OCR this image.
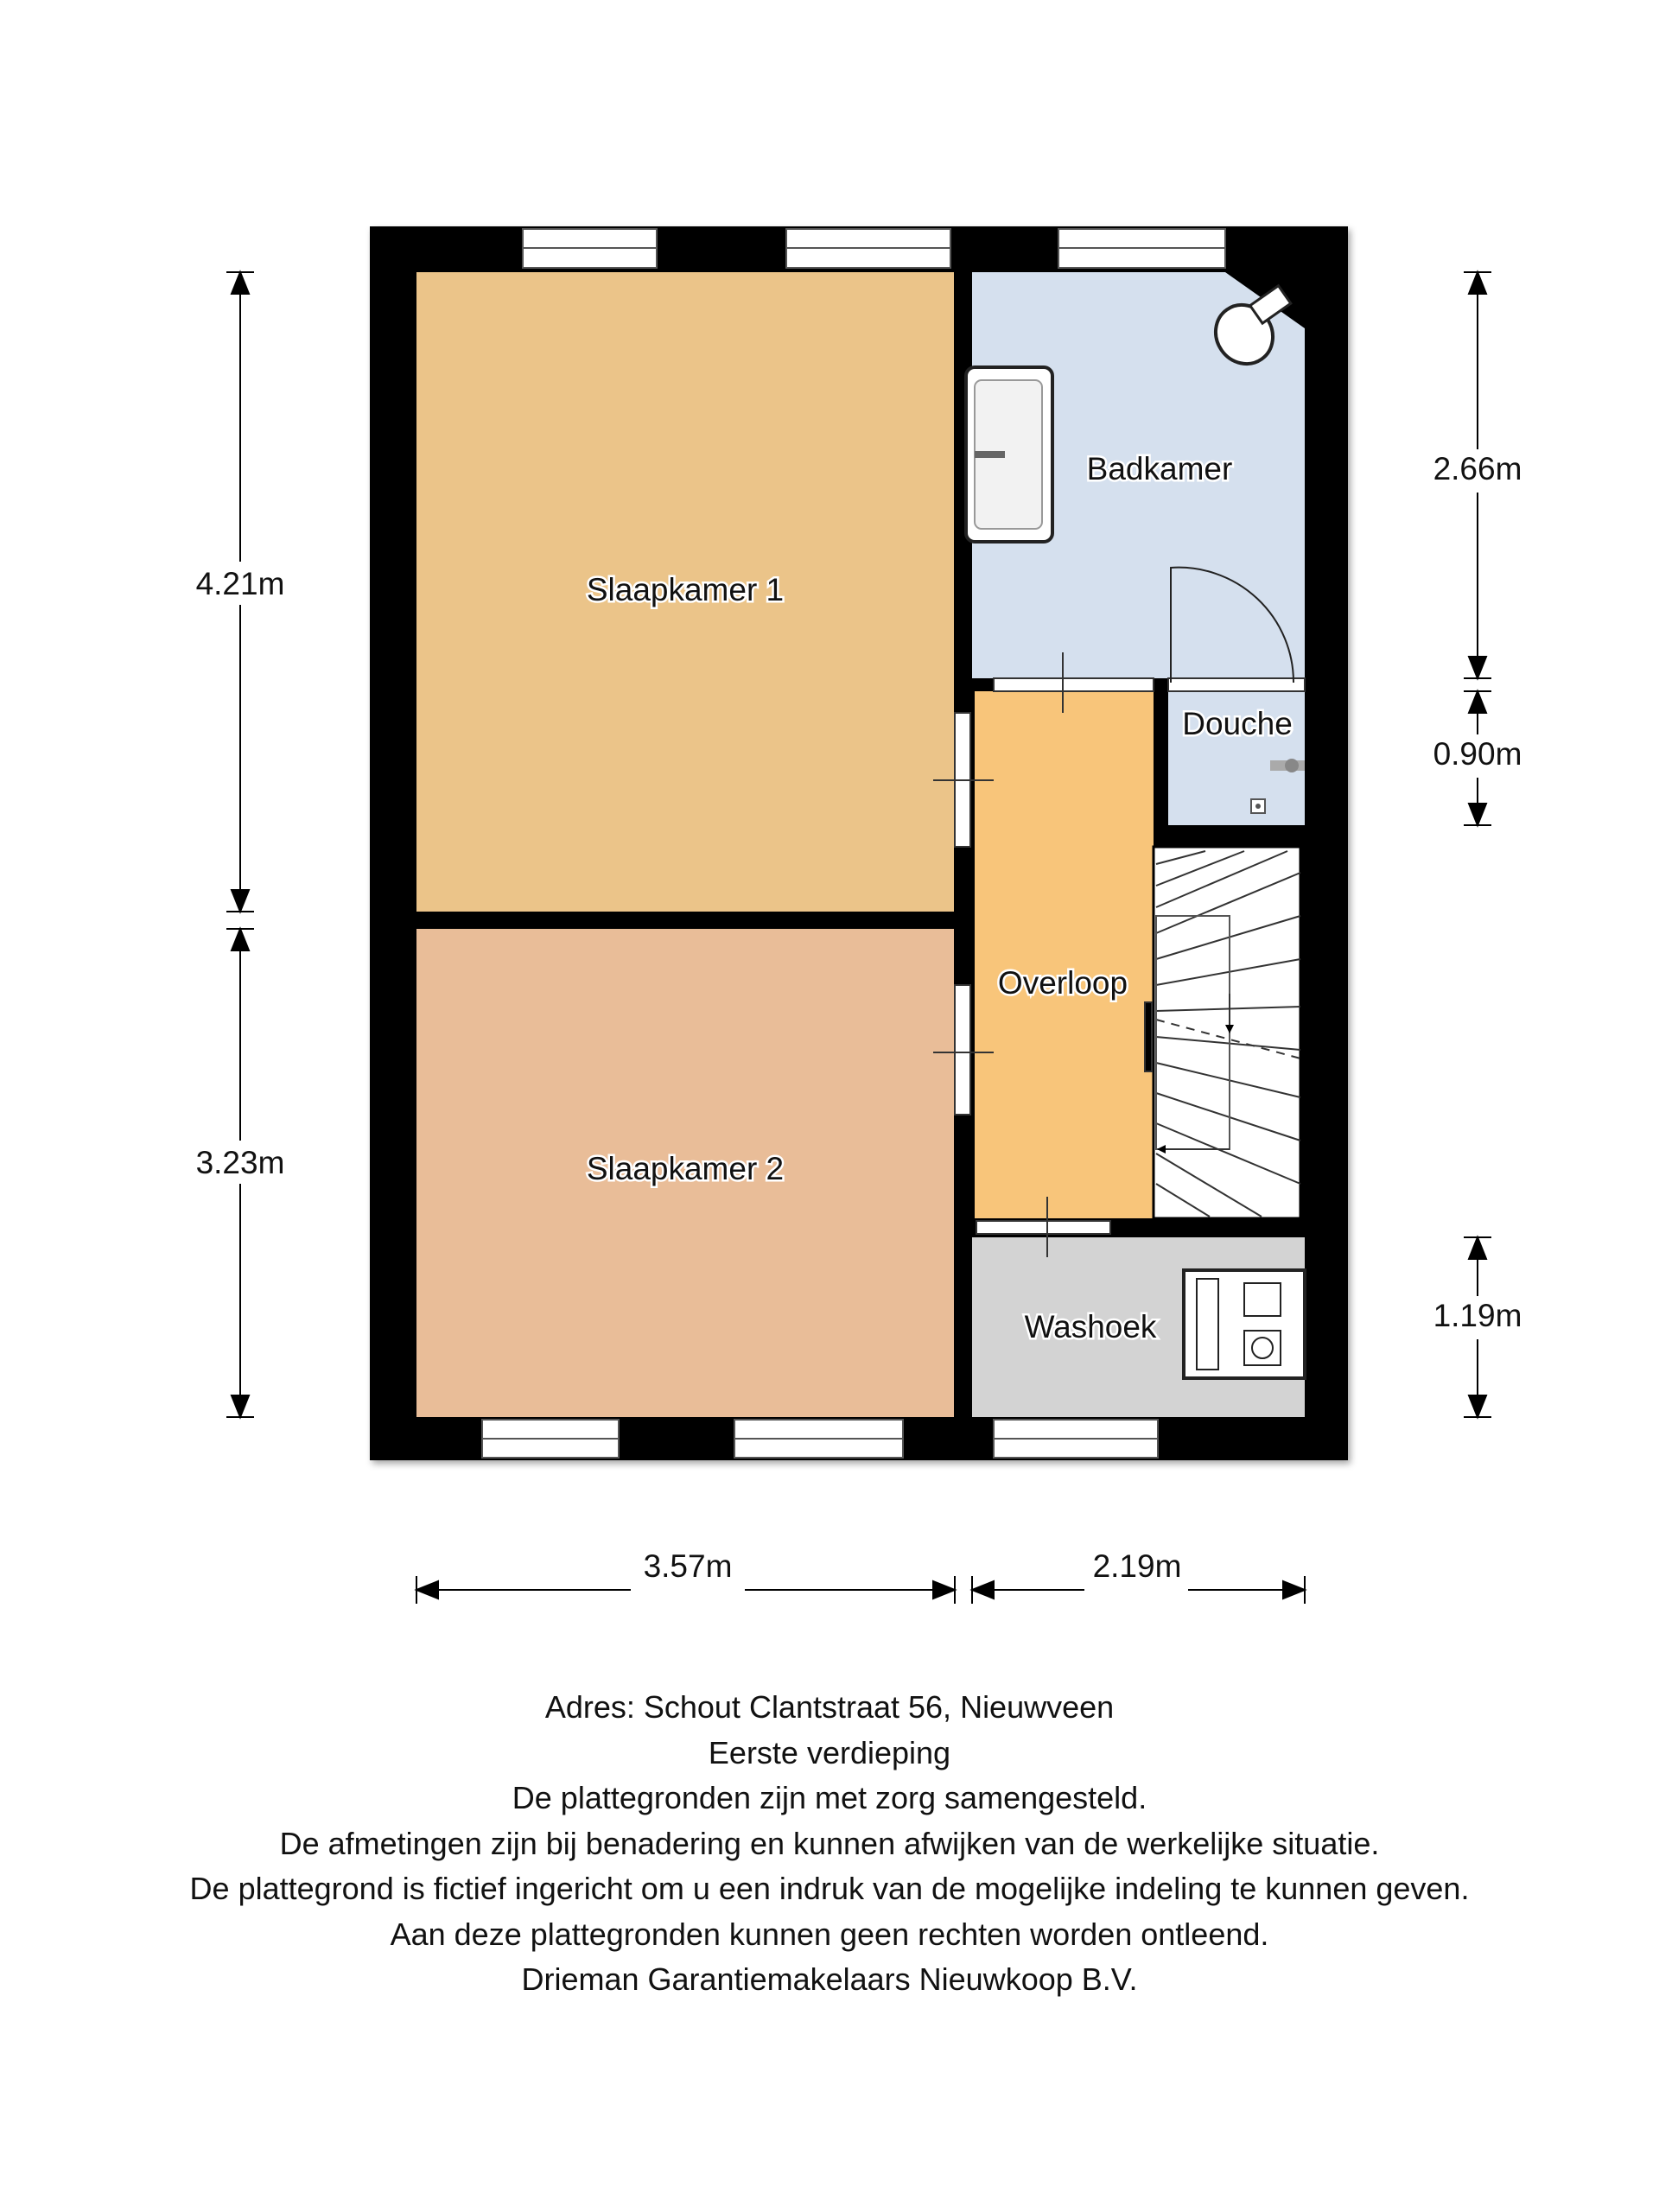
Slaapkamer 1
Slaapkamer 2
Badkamer
Douche
Overloop
Washoek
4.21m
3.23m
2.66m
0.90m
1.19m
3.57m	2.19m
Adres: Schout Clantstraat 56, Nieuwveen
Eerste verdieping
De plattegronden zijn met zorg samengesteld.
De afmetingen zijn bij benadering en kunnen afwijken van de werkelijke situatie.
De plattegrond is fictief ingericht om u een indruk van de mogelijke indeling te kunnen geven.
Aan deze plattegronden kunnen geen rechten worden ontleend.
Drieman Garantiemakelaars Nieuwkoop B.V.
